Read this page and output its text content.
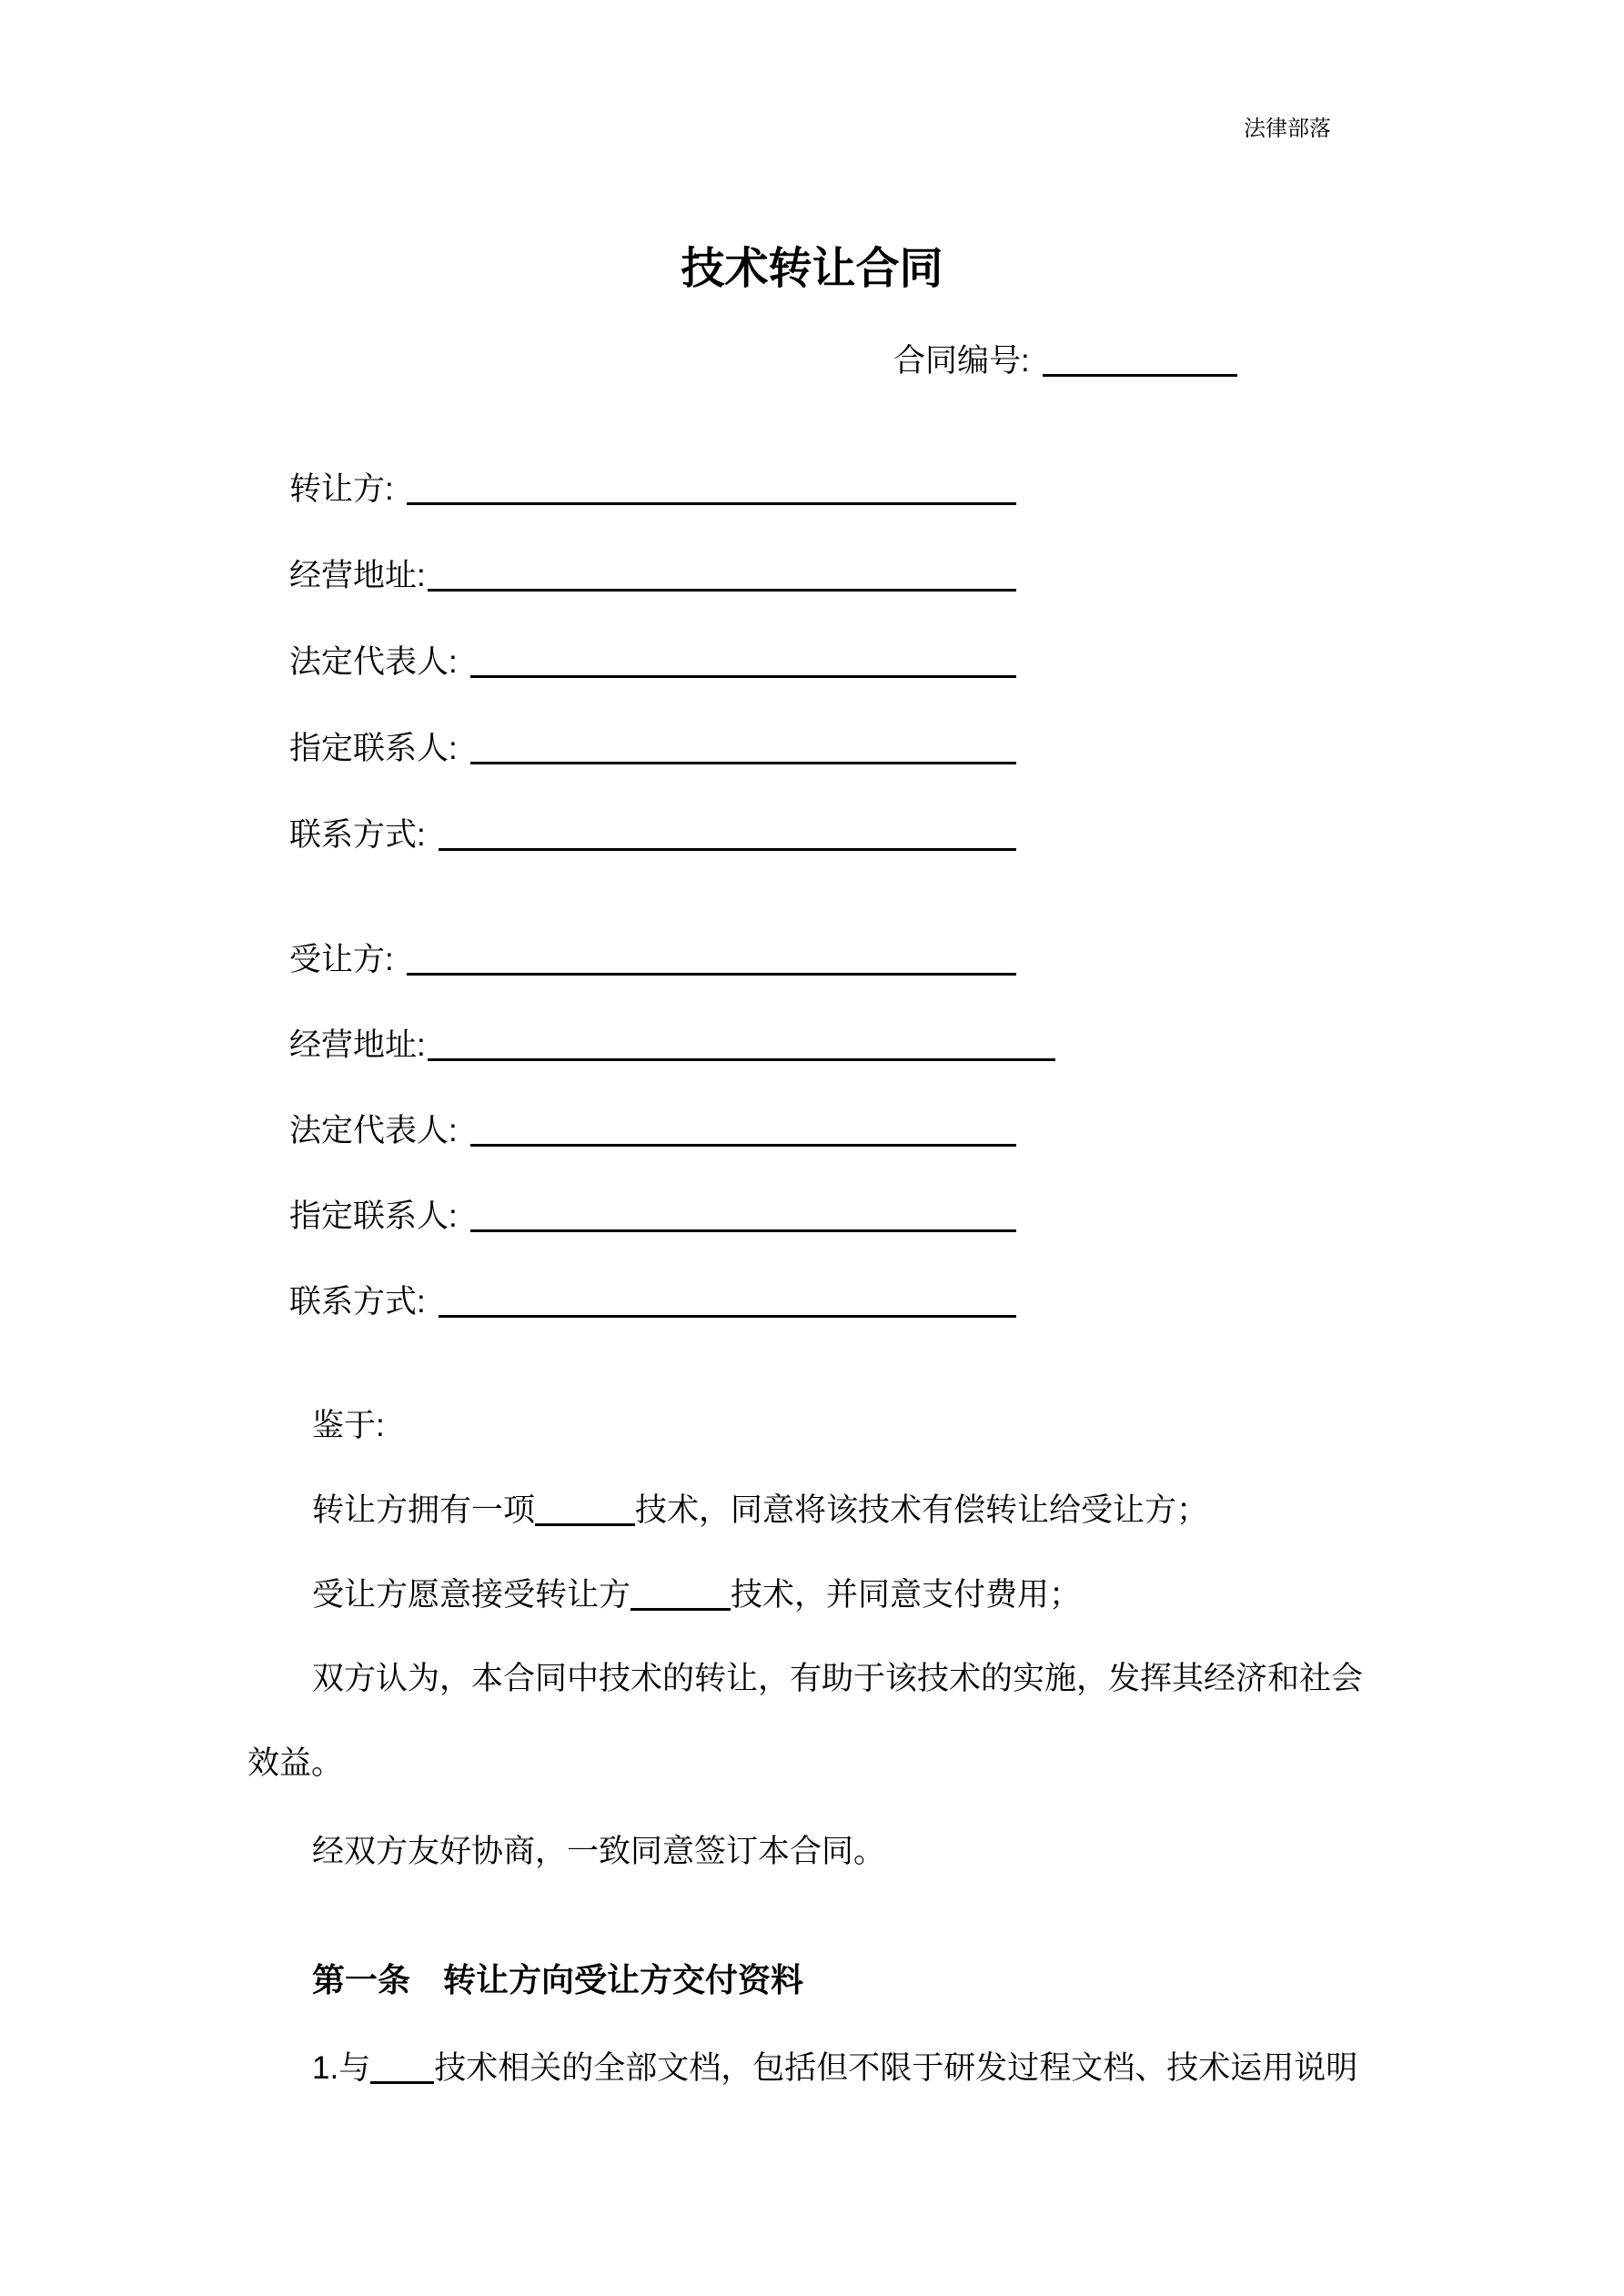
法律部落
技术转让合同
合同编号:
转让方:
经营地址:
法定代表人:
指定联系人:
联系方式:
受让方:
经营地址:
法定代表人:
指定联系人:
联系方式:
鉴于:
转让方拥有一项	技术，同意将该技术有偿转让给受让方；
受让方愿意接受转让方	技术，并同意支付费用；
双方认为，本合同中技术的转让，有助于该技术的实施，发挥其经济和社会
效益。
经双方友好协商，一致同意签订本合同。
第一条 转让方向受让方交付资料
1.与 技术相关的全部文档，包括但不限于研发过程文档、技术运用说明
